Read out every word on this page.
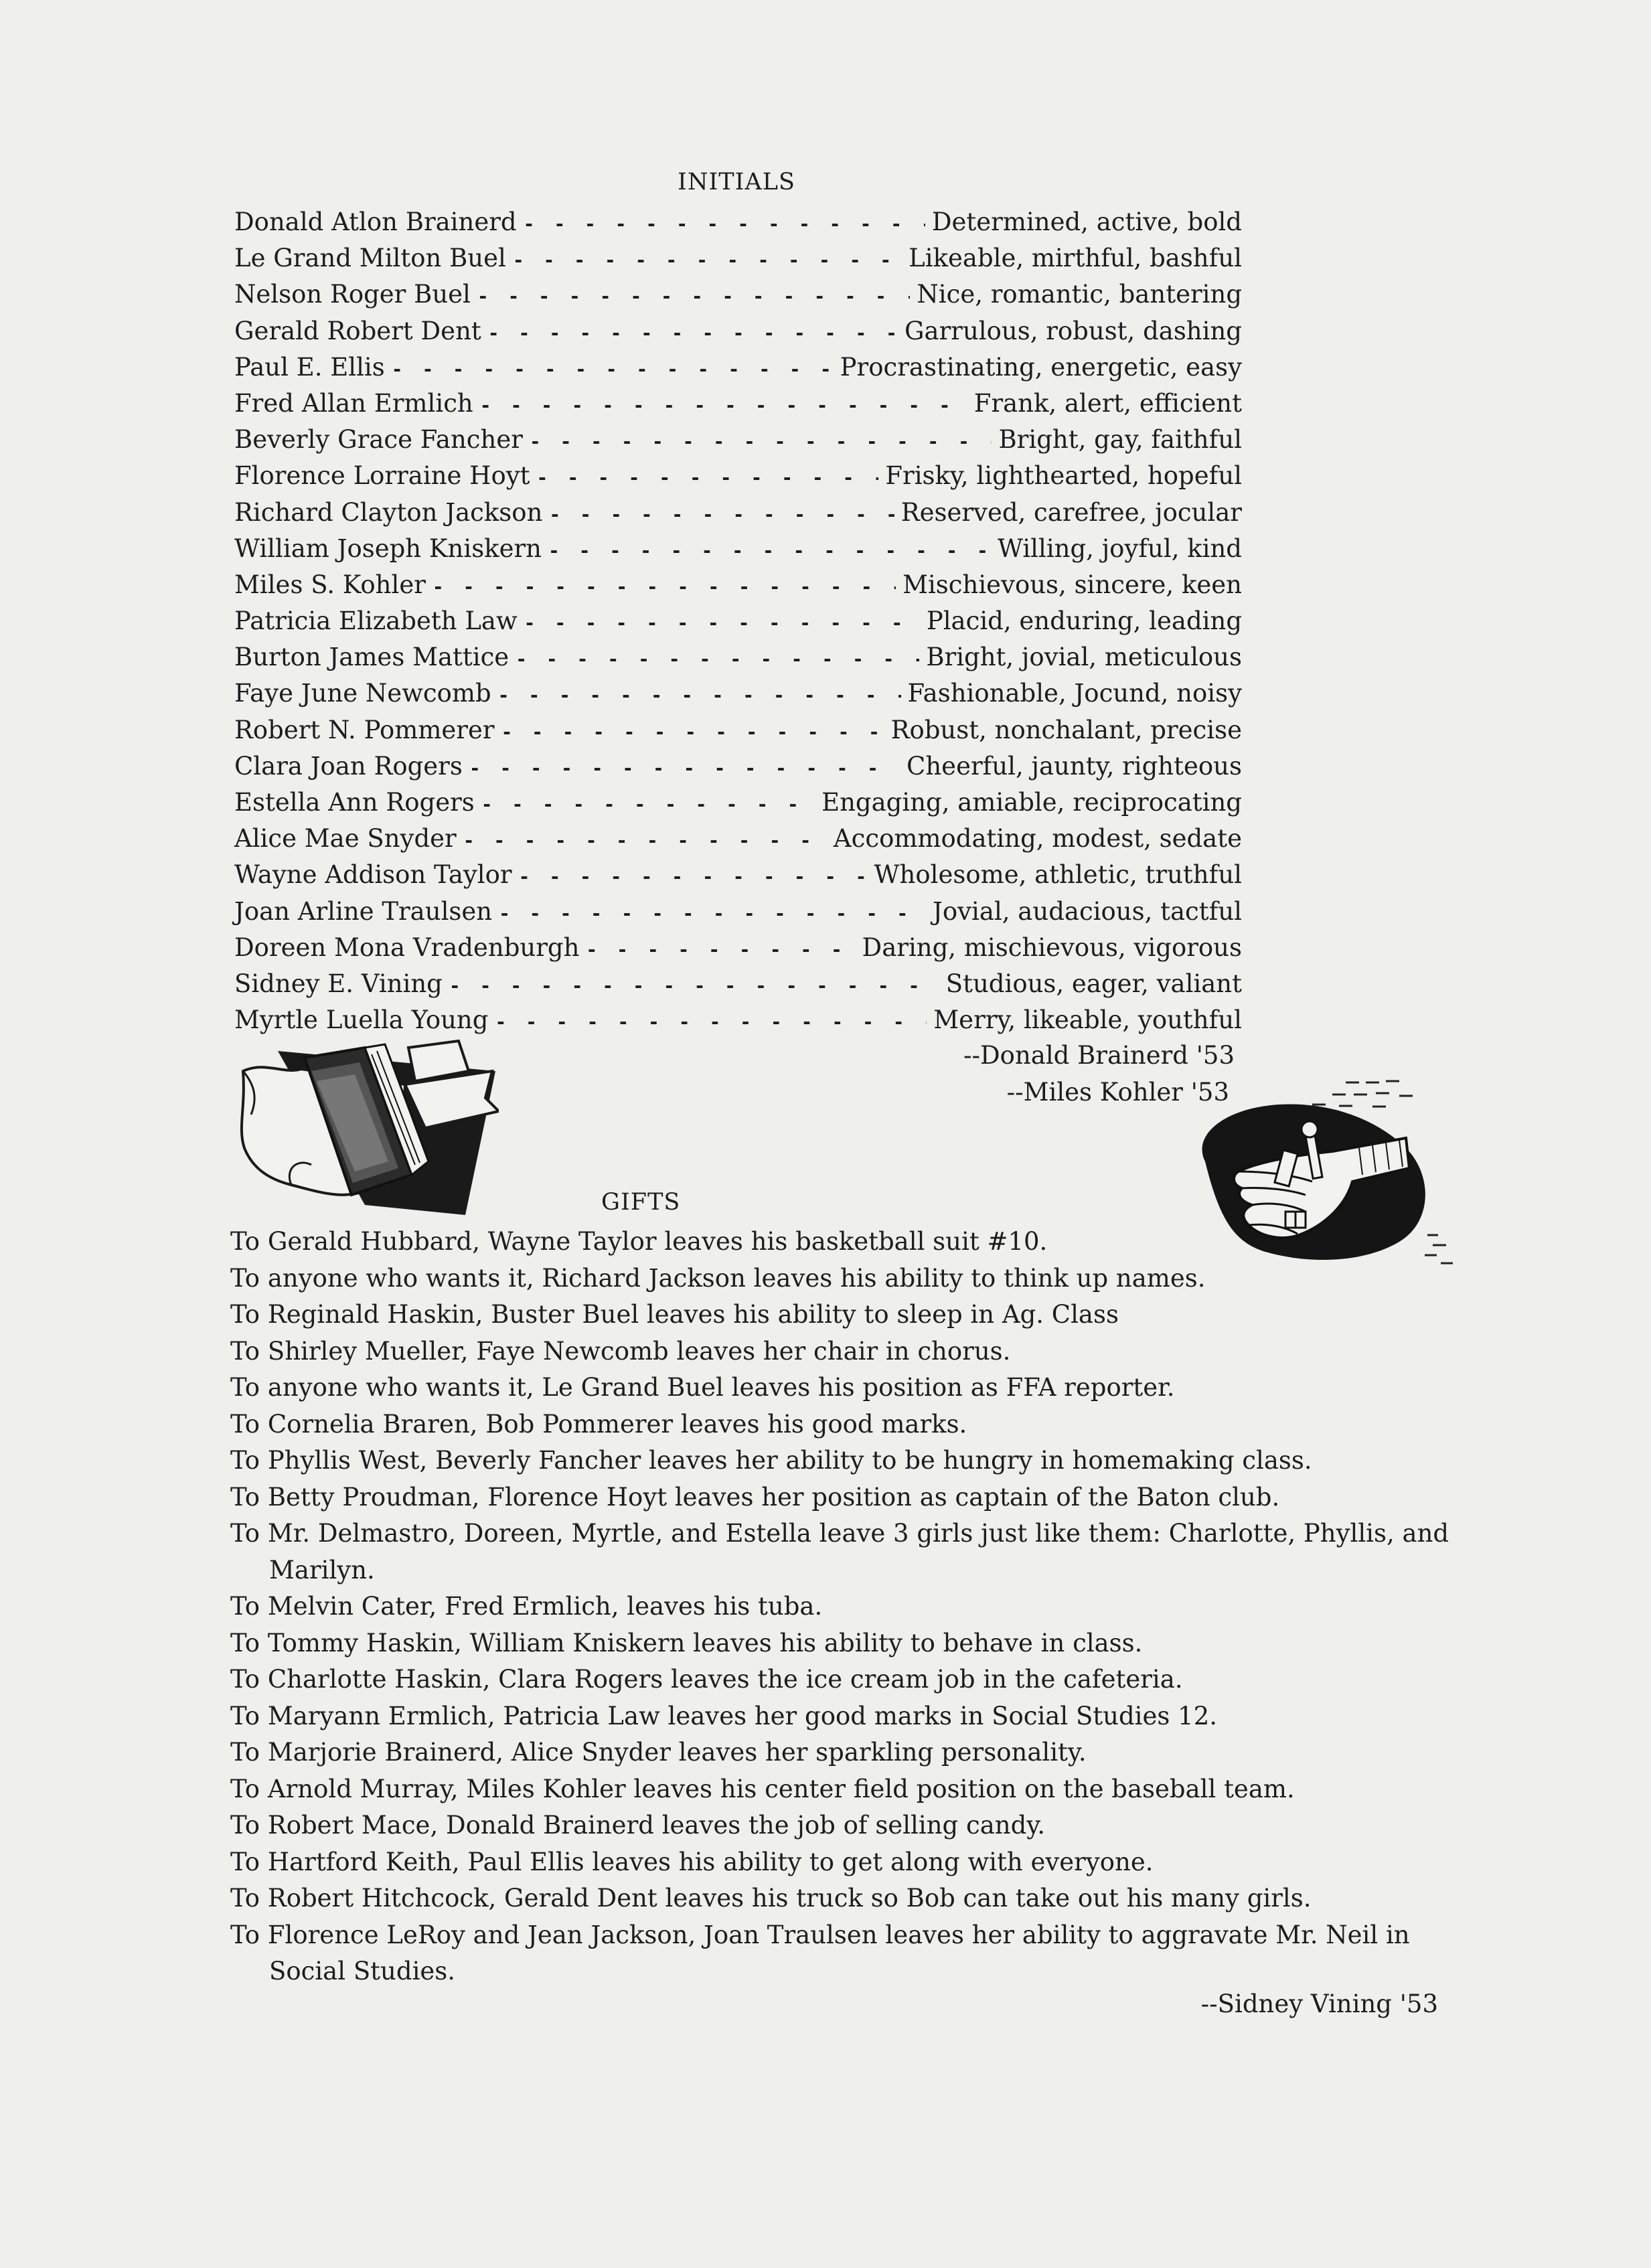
INITIALS
Donald Atlon Brainerd - - -	Determined, active, bold
Le Grand Milton Buel - - -	Likeable, mirthful, bashful
Nelson Roger Buel - - -	Nice, romantic, bantering
Gerald Robert Dent - - -	Garrulous, robust, dashing
Paul E. Ellis - - -	Procrastinating, energetic, easy
Fred Allan Ermlich - - -	Frank, alert, efficient
Beverly Grace Fancher - - -	Bright, gay, faithful
Florence Lorraine Hoyt - - -	Frisky, lighthearted, hopeful
Richard Clayton Jackson - - -	Reserved, carefree, jocular
William Joseph Kniskern - - -	Willing, joyful, kind
Miles S. Kohler - - -	Mischievous, sincere, keen
Patricia Elizabeth Law - - -	Placid, enduring, leading
Burton James Mattice - - -	Bright, jovial, meticulous
Faye June Newcomb - - -	Fashionable, Jocund, noisy
Robert N. Pommerer - - -	Robust, nonchalant, precise
Clara Joan Rogers - - -	Cheerful, jaunty, righteous
Estella Ann Rogers - - -	Engaging, amiable, reciprocating
Alice Mae Snyder - - -	Accommodating, modest, sedate
Wayne Addison Taylor - - -	Wholesome, athletic, truthful
Joan Arline Traulsen - - -	Jovial, audacious, tactful
Doreen Mona Vradenburgh - - -	Daring, mischievous, vigorous
Sidney E. Vining - - -	Studious, eager, valiant
Myrtle Luella Young - - -	Merry, likeable, youthful

--Donald Brainerd '53

--Miles Kohler '53

GIFTS
To Gerald Hubbard, Wayne Taylor leaves his basketball suit #10.
To anyone who wants it, Richard Jackson leaves his ability to think up names.
To Reginald Haskin, Buster Buel leaves his ability to sleep in Ag. Class
To Shirley Mueller, Faye Newcomb leaves her chair in chorus.
To anyone who wants it, Le Grand Buel leaves his position as FFA reporter.
To Cornelia Braren, Bob Pommerer leaves his good marks.
To Phyllis West, Beverly Fancher leaves her ability to be hungry in homemaking class.
To Betty Proudman, Florence Hoyt leaves her position as captain of the Baton club.
To Mr. Delmastro, Doreen, Myrtle, and Estella leave 3 girls just like them: Charlotte, Phyllis, and Marilyn.
To Melvin Cater, Fred Ermlich, leaves his tuba.
To Tommy Haskin, William Kniskern leaves his ability to behave in class.
To Charlotte Haskin, Clara Rogers leaves the ice cream job in the cafeteria.
To Maryann Ermlich, Patricia Law leaves her good marks in Social Studies 12.
To Marjorie Brainerd, Alice Snyder leaves her sparkling personality.
To Arnold Murray, Miles Kohler leaves his center field position on the baseball team.
To Robert Mace, Donald Brainerd leaves the job of selling candy.
To Hartford Keith, Paul Ellis leaves his ability to get along with everyone.
To Robert Hitchcock, Gerald Dent leaves his truck so Bob can take out his many girls.
To Florence LeRoy and Jean Jackson, Joan Traulsen leaves her ability to aggravate Mr. Neil in Social Studies.

--Sidney Vining '53
